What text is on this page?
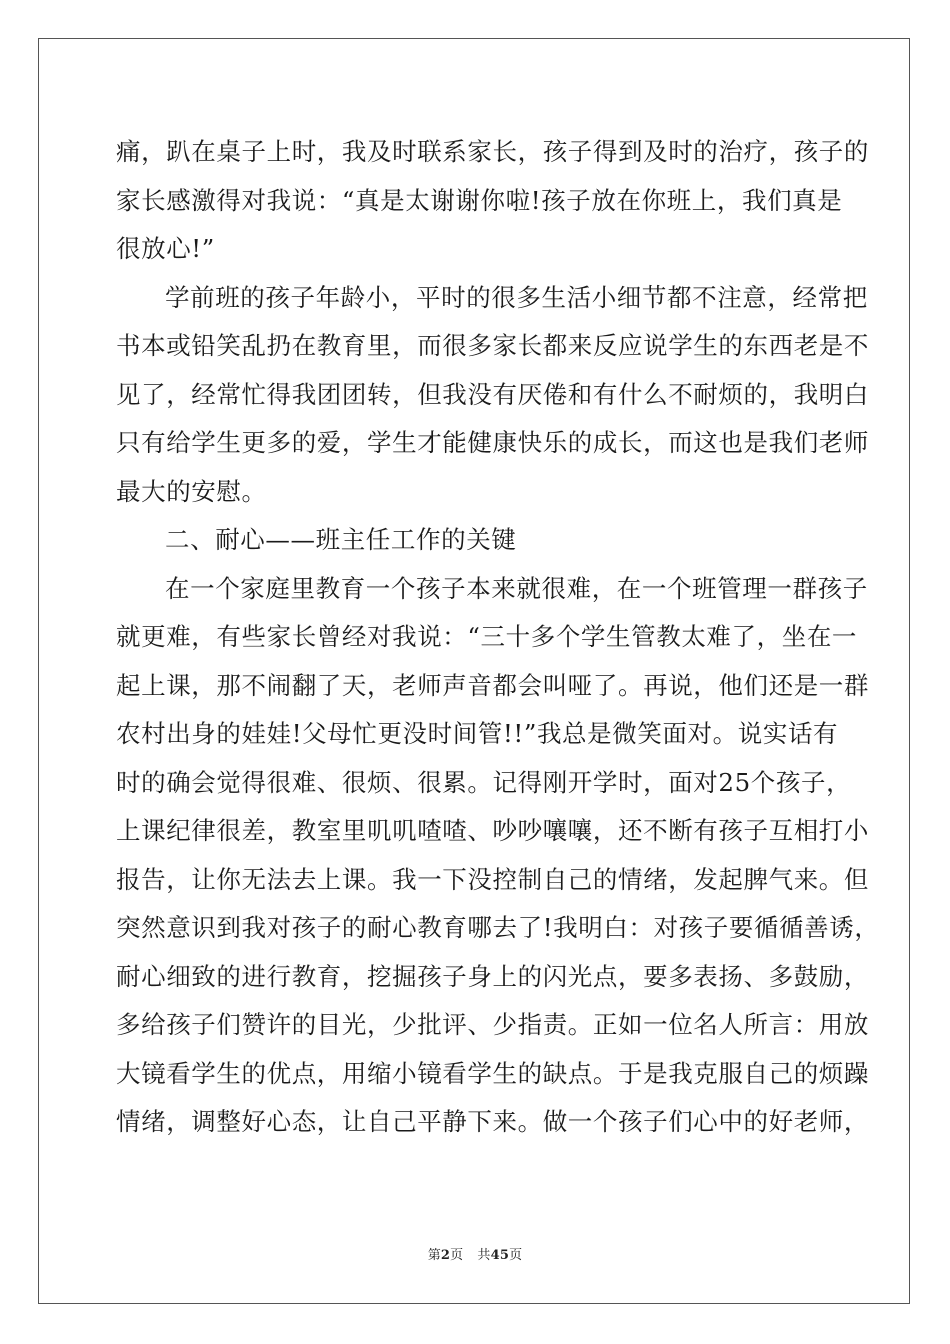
痛，趴在桌子上时，我及时联系家长，孩子得到及时的治疗，孩子的

家长感激得对我说：“真是太谢谢你啦!孩子放在你班上，我们真是

很放心!”

学前班的孩子年龄小，平时的很多生活小细节都不注意，经常把

书本或铅笑乱扔在教育里，而很多家长都来反应说学生的东西老是不

见了，经常忙得我团团转，但我没有厌倦和有什么不耐烦的，我明白

只有给学生更多的爱，学生才能健康快乐的成长，而这也是我们老师

最大的安慰。

二、耐心——班主任工作的关键

在一个家庭里教育一个孩子本来就很难，在一个班管理一群孩子

就更难，有些家长曾经对我说：“三十多个学生管教太难了，坐在一

起上课，那不闹翻了天，老师声音都会叫哑了。再说，他们还是一群

农村出身的娃娃!父母忙更没时间管!!”我总是微笑面对。说实话有

时的确会觉得很难、很烦、很累。记得刚开学时，面对25个孩子，

上课纪律很差，教室里叽叽喳喳、吵吵嚷嚷，还不断有孩子互相打小

报告，让你无法去上课。我一下没控制自己的情绪，发起脾气来。但

突然意识到我对孩子的耐心教育哪去了!我明白：对孩子要循循善诱，

耐心细致的进行教育，挖掘孩子身上的闪光点，要多表扬、多鼓励，

多给孩子们赞许的目光，少批评、少指责。正如一位名人所言：用放

大镜看学生的优点，用缩小镜看学生的缺点。于是我克服自己的烦躁

情绪，调整好心态，让自己平静下来。做一个孩子们心中的好老师，

第2页 共45页
